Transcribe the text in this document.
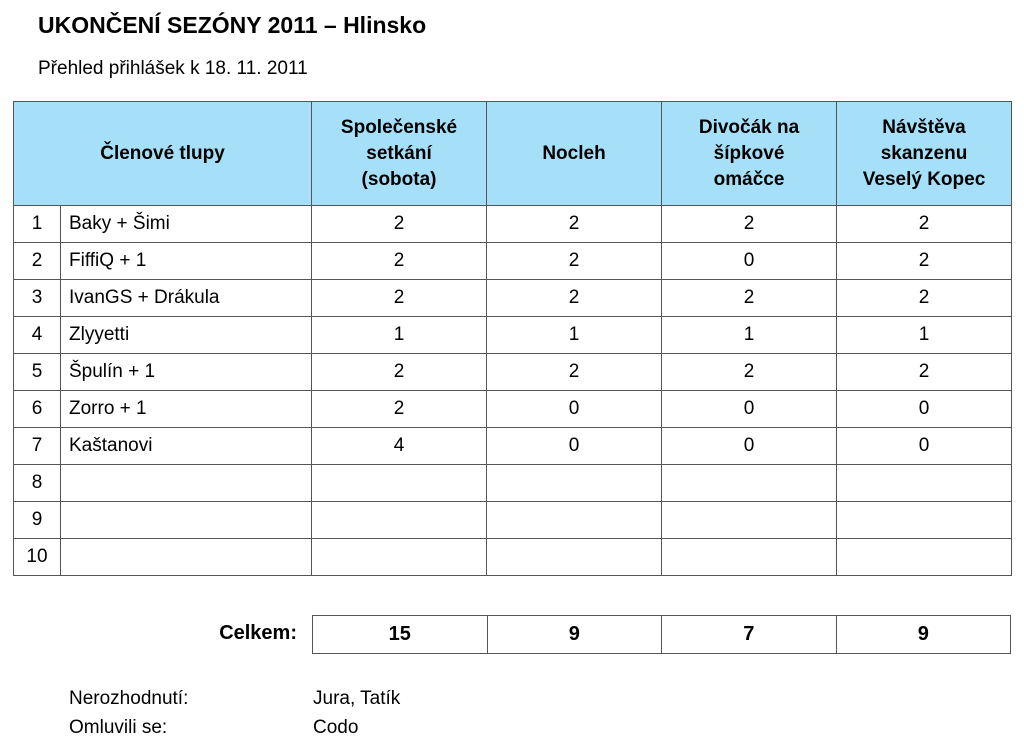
UKONČENÍ SEZÓNY 2011 – Hlinsko
Přehled přihlášek k 18. 11. 2011
Členové tlupy		Společenské setkání (sobota)	Nocleh	Divočák na šípkové omáčce	Návštěva skanzenu Veselý Kopec

1	Baky + Šimi	2	2	2	2
2	FiffiQ + 1	2	2	0	2
3	IvanGS + Drákula	2	2	2	2
4	Zlyyetti	1	1	1	1
5	Špulín + 1	2	2	2	2
6	Zorro + 1	2	0	0	0
7	Kaštanovi	4	0	0	0
8					
9					
10					
Celkem:	15	9	7	9
Nerozhodnutí:	Jura, Tatík
Omluvili se:	Codo
